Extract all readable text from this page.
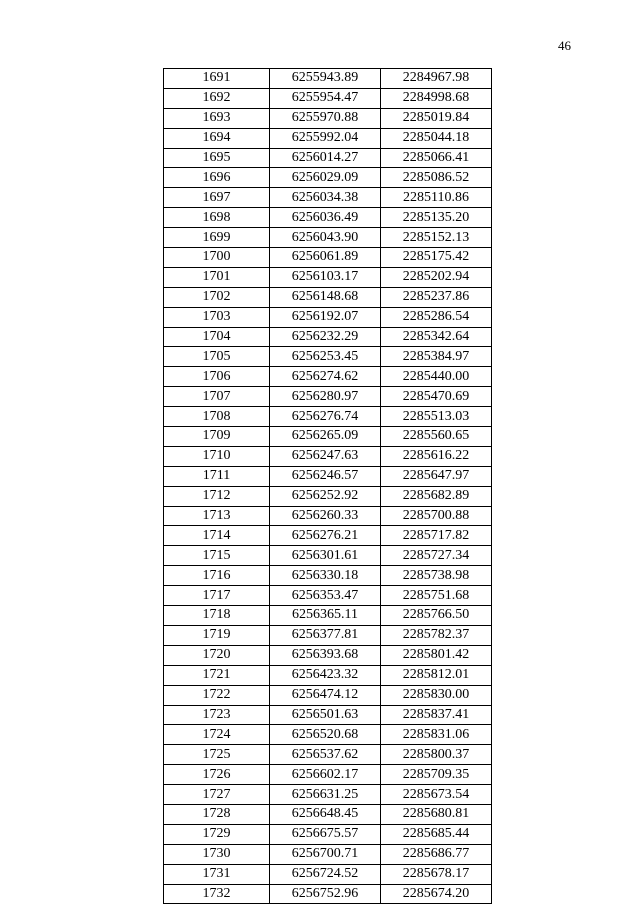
46
1691	6255943.89	2284967.98
1692	6255954.47	2284998.68
1693	6255970.88	2285019.84
1694	6255992.04	2285044.18
1695	6256014.27	2285066.41
1696	6256029.09	2285086.52
1697	6256034.38	2285110.86
1698	6256036.49	2285135.20
1699	6256043.90	2285152.13
1700	6256061.89	2285175.42
1701	6256103.17	2285202.94
1702	6256148.68	2285237.86
1703	6256192.07	2285286.54
1704	6256232.29	2285342.64
1705	6256253.45	2285384.97
1706	6256274.62	2285440.00
1707	6256280.97	2285470.69
1708	6256276.74	2285513.03
1709	6256265.09	2285560.65
1710	6256247.63	2285616.22
1711	6256246.57	2285647.97
1712	6256252.92	2285682.89
1713	6256260.33	2285700.88
1714	6256276.21	2285717.82
1715	6256301.61	2285727.34
1716	6256330.18	2285738.98
1717	6256353.47	2285751.68
1718	6256365.11	2285766.50
1719	6256377.81	2285782.37
1720	6256393.68	2285801.42
1721	6256423.32	2285812.01
1722	6256474.12	2285830.00
1723	6256501.63	2285837.41
1724	6256520.68	2285831.06
1725	6256537.62	2285800.37
1726	6256602.17	2285709.35
1727	6256631.25	2285673.54
1728	6256648.45	2285680.81
1729	6256675.57	2285685.44
1730	6256700.71	2285686.77
1731	6256724.52	2285678.17
1732	6256752.96	2285674.20
